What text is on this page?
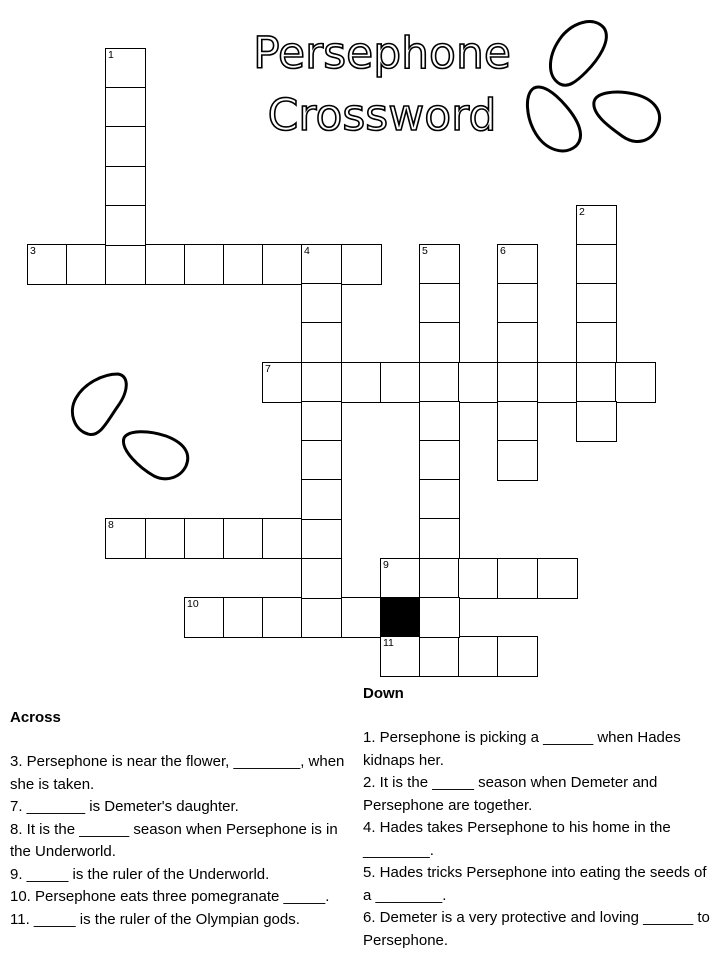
Persephone
Crossword
3	4
7
8
9
10
11
1
2
5	6
Across

3. Persephone is near the flower, ________, when she is taken.

7. _______ is Demeter's daughter.

8. It is the ______ season when Persephone is in the Underworld.

9. _____ is the ruler of the Underworld.

10. Persephone eats three pomegranate _____.

11. _____ is the ruler of the Olympian gods.

Down

1. Persephone is picking a ______ when Hades kidnaps her.

2. It is the _____ season when Demeter and Persephone are together.

4. Hades takes Persephone to his home in the ________.

5. Hades tricks Persephone into eating the seeds of a ________.

6. Demeter is a very protective and loving ______ to Persephone.
